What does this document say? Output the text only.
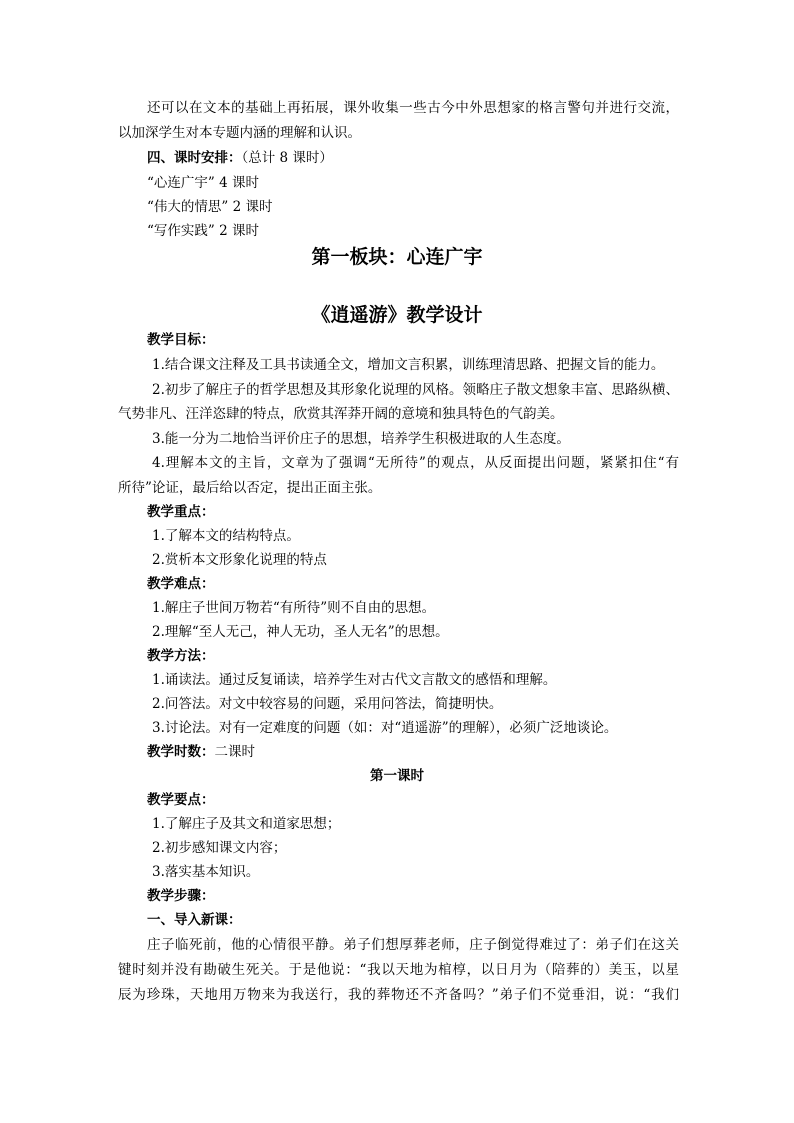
还可以在文本的基础上再拓展，课外收集一些古今中外思想家的格言警句并进行交流，
以加深学生对本专题内涵的理解和认识。
四、课时安排：（总计 8 课时）
“心连广宇” 4 课时
“伟大的情思” 2 课时
“写作实践” 2 课时
第一板块：心连广宇
《逍遥游》教学设计
教学目标：
1.结合课文注释及工具书读通全文，增加文言积累，训练理清思路、把握文旨的能力。
2.初步了解庄子的哲学思想及其形象化说理的风格。领略庄子散文想象丰富、思路纵横、
气势非凡、汪洋恣肆的特点，欣赏其浑莽开阔的意境和独具特色的气韵美。
3.能一分为二地恰当评价庄子的思想，培养学生积极进取的人生态度。
4.理解本文的主旨，文章为了强调“无所待”的观点，从反面提出问题，紧紧扣住“有
所待”论证，最后给以否定，提出正面主张。
教学重点：
1.了解本文的结构特点。
2.赏析本文形象化说理的特点
教学难点：
1.解庄子世间万物若“有所待”则不自由的思想。
2.理解“至人无己，神人无功，圣人无名”的思想。
教学方法：
1.诵读法。通过反复诵读，培养学生对古代文言散文的感悟和理解。
2.问答法。对文中较容易的问题，采用问答法，简捷明快。
3.讨论法。对有一定难度的问题（如：对“逍遥游”的理解），必须广泛地谈论。
教学时数：二课时
第一课时
教学要点：
1.了解庄子及其文和道家思想；
2.初步感知课文内容；
3.落实基本知识。
教学步骤：
一、导入新课：
庄子临死前，他的心情很平静。弟子们想厚葬老师，庄子倒觉得难过了：弟子们在这关
键时刻并没有勘破生死关。于是他说：“我以天地为棺椁，以日月为（陪葬的）美玉，以星
辰为珍珠，天地用万物来为我送行，我的葬物还不齐备吗？”弟子们不觉垂泪，说：“我们
